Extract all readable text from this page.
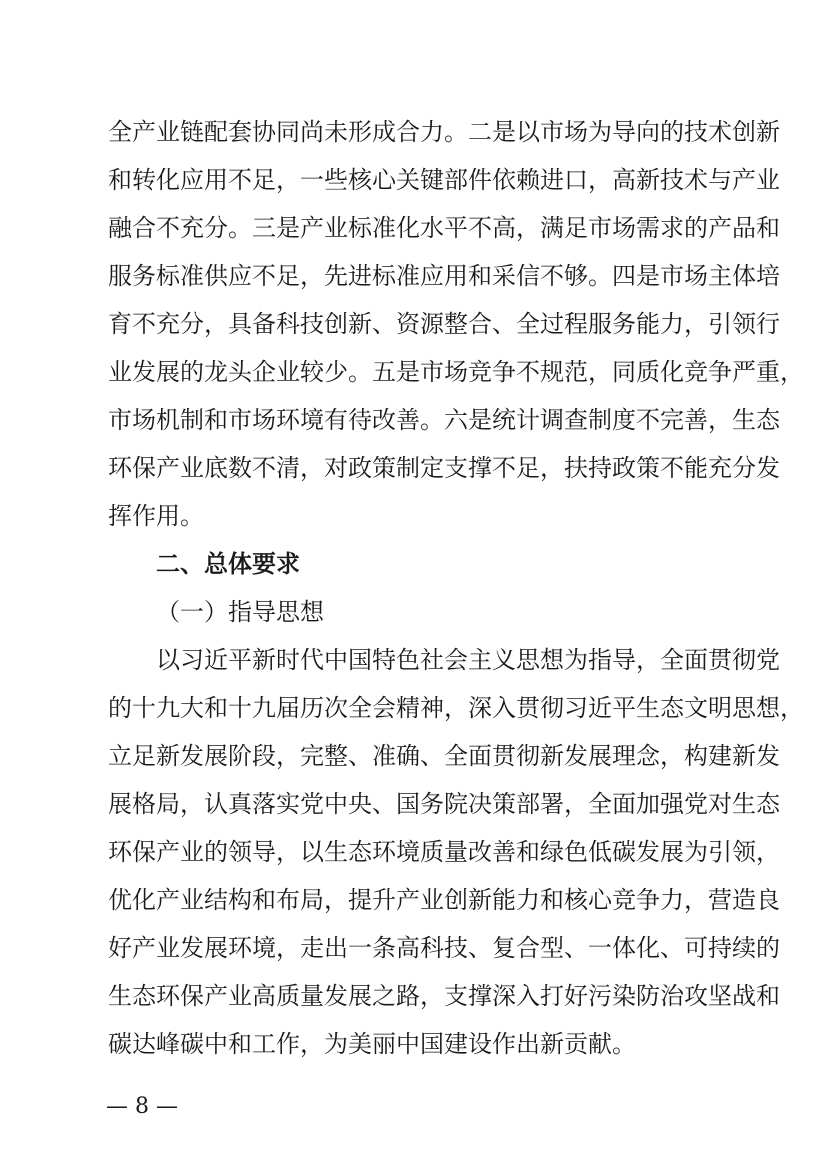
全产业链配套协同尚未形成合力。二是以市场为导向的技术创新
和转化应用不足，一些核心关键部件依赖进口，高新技术与产业
融合不充分。三是产业标准化水平不高，满足市场需求的产品和
服务标准供应不足，先进标准应用和采信不够。四是市场主体培
育不充分，具备科技创新、资源整合、全过程服务能力，引领行
业发展的龙头企业较少。五是市场竞争不规范，同质化竞争严重，
市场机制和市场环境有待改善。六是统计调查制度不完善，生态
环保产业底数不清，对政策制定支撑不足，扶持政策不能充分发
挥作用。
二、总体要求
（一）指导思想
以习近平新时代中国特色社会主义思想为指导，全面贯彻党
的十九大和十九届历次全会精神，深入贯彻习近平生态文明思想，
立足新发展阶段，完整、准确、全面贯彻新发展理念，构建新发
展格局，认真落实党中央、国务院决策部署，全面加强党对生态
环保产业的领导，以生态环境质量改善和绿色低碳发展为引领，
优化产业结构和布局，提升产业创新能力和核心竞争力，营造良
好产业发展环境，走出一条高科技、复合型、一体化、可持续的
生态环保产业高质量发展之路，支撑深入打好污染防治攻坚战和
碳达峰碳中和工作，为美丽中国建设作出新贡献。
— 8 —
